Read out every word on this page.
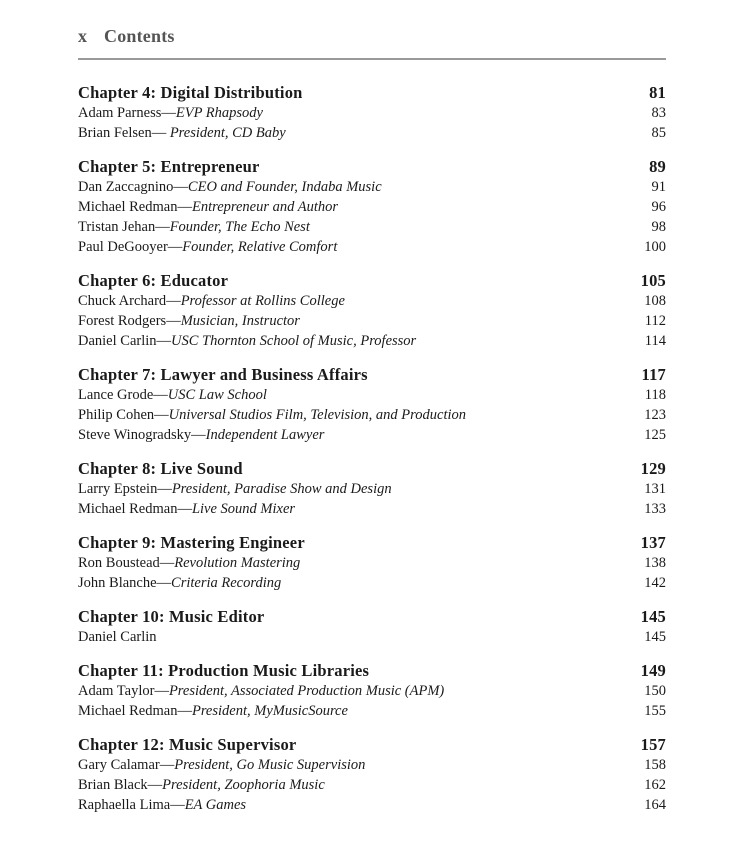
x Contents
Chapter 4: Digital Distribution	81
Adam Parness—EVP Rhapsody	83
Brian Felsen— President, CD Baby	85
Chapter 5: Entrepreneur	89
Dan Zaccagnino—CEO and Founder, Indaba Music	91
Michael Redman—Entrepreneur and Author	96
Tristan Jehan—Founder, The Echo Nest	98
Paul DeGooyer—Founder, Relative Comfort	100
Chapter 6: Educator	105
Chuck Archard—Professor at Rollins College	108
Forest Rodgers—Musician, Instructor	112
Daniel Carlin—USC Thornton School of Music, Professor	114
Chapter 7: Lawyer and Business Affairs	117
Lance Grode—USC Law School	118
Philip Cohen—Universal Studios Film, Television, and Production	123
Steve Winogradsky—Independent Lawyer	125
Chapter 8: Live Sound	129
Larry Epstein—President, Paradise Show and Design	131
Michael Redman—Live Sound Mixer	133
Chapter 9: Mastering Engineer	137
Ron Boustead—Revolution Mastering	138
John Blanche—Criteria Recording	142
Chapter 10: Music Editor	145
Daniel Carlin	145
Chapter 11: Production Music Libraries	149
Adam Taylor—President, Associated Production Music (APM)	150
Michael Redman—President, MyMusicSource	155
Chapter 12: Music Supervisor	157
Gary Calamar—President, Go Music Supervision	158
Brian Black—President, Zoophoria Music	162
Raphaella Lima—EA Games	164
